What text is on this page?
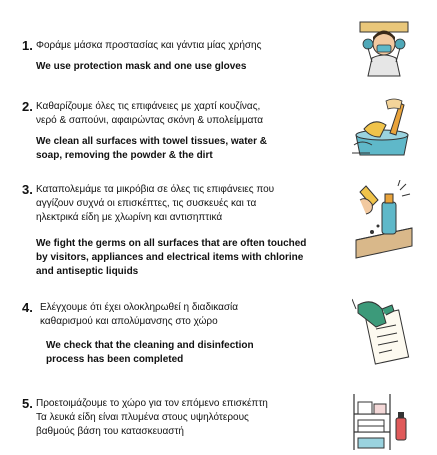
1. Φοράμε μάσκα προστασίας και γάντια μίας χρήσης
We use protection mask and one use gloves
2. Καθαρίζουμε όλες τις επιφάνειες με χαρτί κουζίνας,
νερό & σαπούνι, αφαιρώντας σκόνη & υπολείμματα
We clean all surfaces with towel tissues, water &
soap, removing the powder & the dirt
3. Καταπολεμάμε τα μικρόβια σε όλες τις επιφάνειες που
αγγίζουν συχνά οι επισκέπτες, τις συσκευές και τα
ηλεκτρικά είδη με χλωρίνη και αντισηπτικά
We fight the germs on all surfaces that are often touched
by visitors, appliances and electrical items with chlorine
and antiseptic liquids
4. Ελέγχουμε ότι έχει ολοκληρωθεί η διαδικασία
καθαρισμού και απολύμανσης στο χώρο
We check that the cleaning and disinfection
process has been completed
5. Προετοιμάζουμε το χώρο για τον επόμενο επισκέπτη
Τα λευκά είδη είναι πλυμένα στους υψηλότερους
βαθμούς βάση του κατασκευαστή
